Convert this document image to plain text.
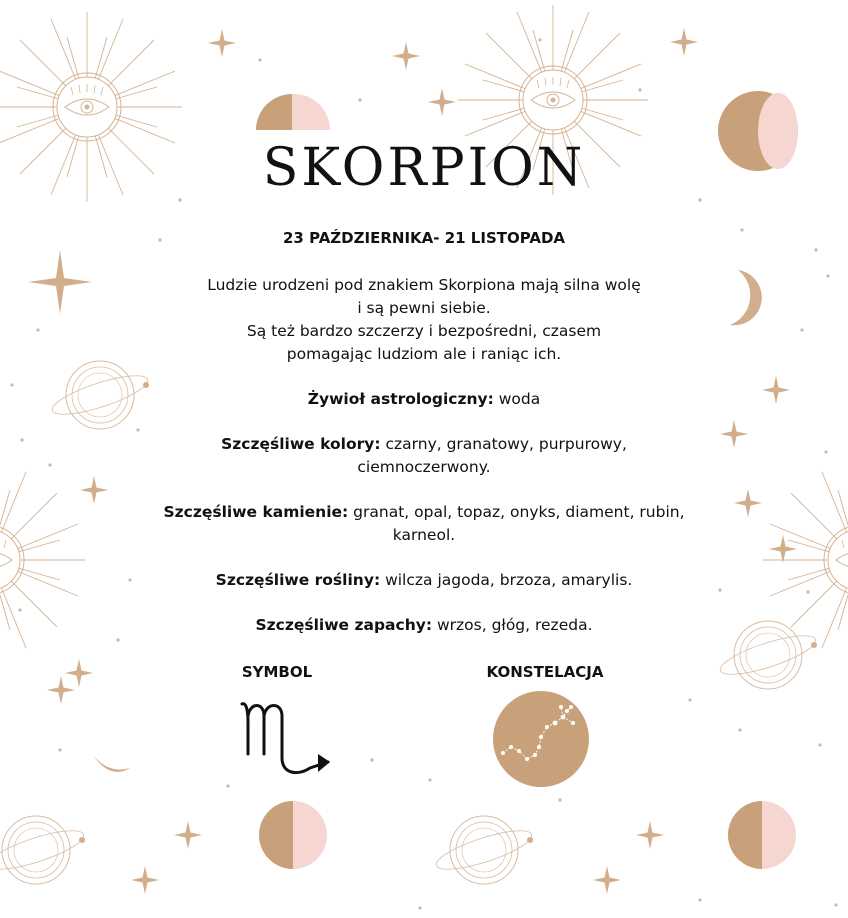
SKORPION
23 PAŹDZIERNIKA- 21 LISTOPADA

Ludzie urodzeni pod znakiem Skorpiona mają silna wolę

i są pewni siebie.

Są też bardzo szczerzy i bezpośredni, czasem

pomagając ludziom ale i raniąc ich.

Żywioł astrologiczny: woda

Szczęśliwe kolory: czarny, granatowy, purpurowy,

ciemnoczerwony.

Szczęśliwe kamienie: granat, opal, topaz, onyks, diament, rubin,

karneol.

Szczęśliwe rośliny: wilcza jagoda, brzoza, amarylis.

Szczęśliwe zapachy: wrzos, głóg, rezeda.

SYMBOL	KONSTELACJA
